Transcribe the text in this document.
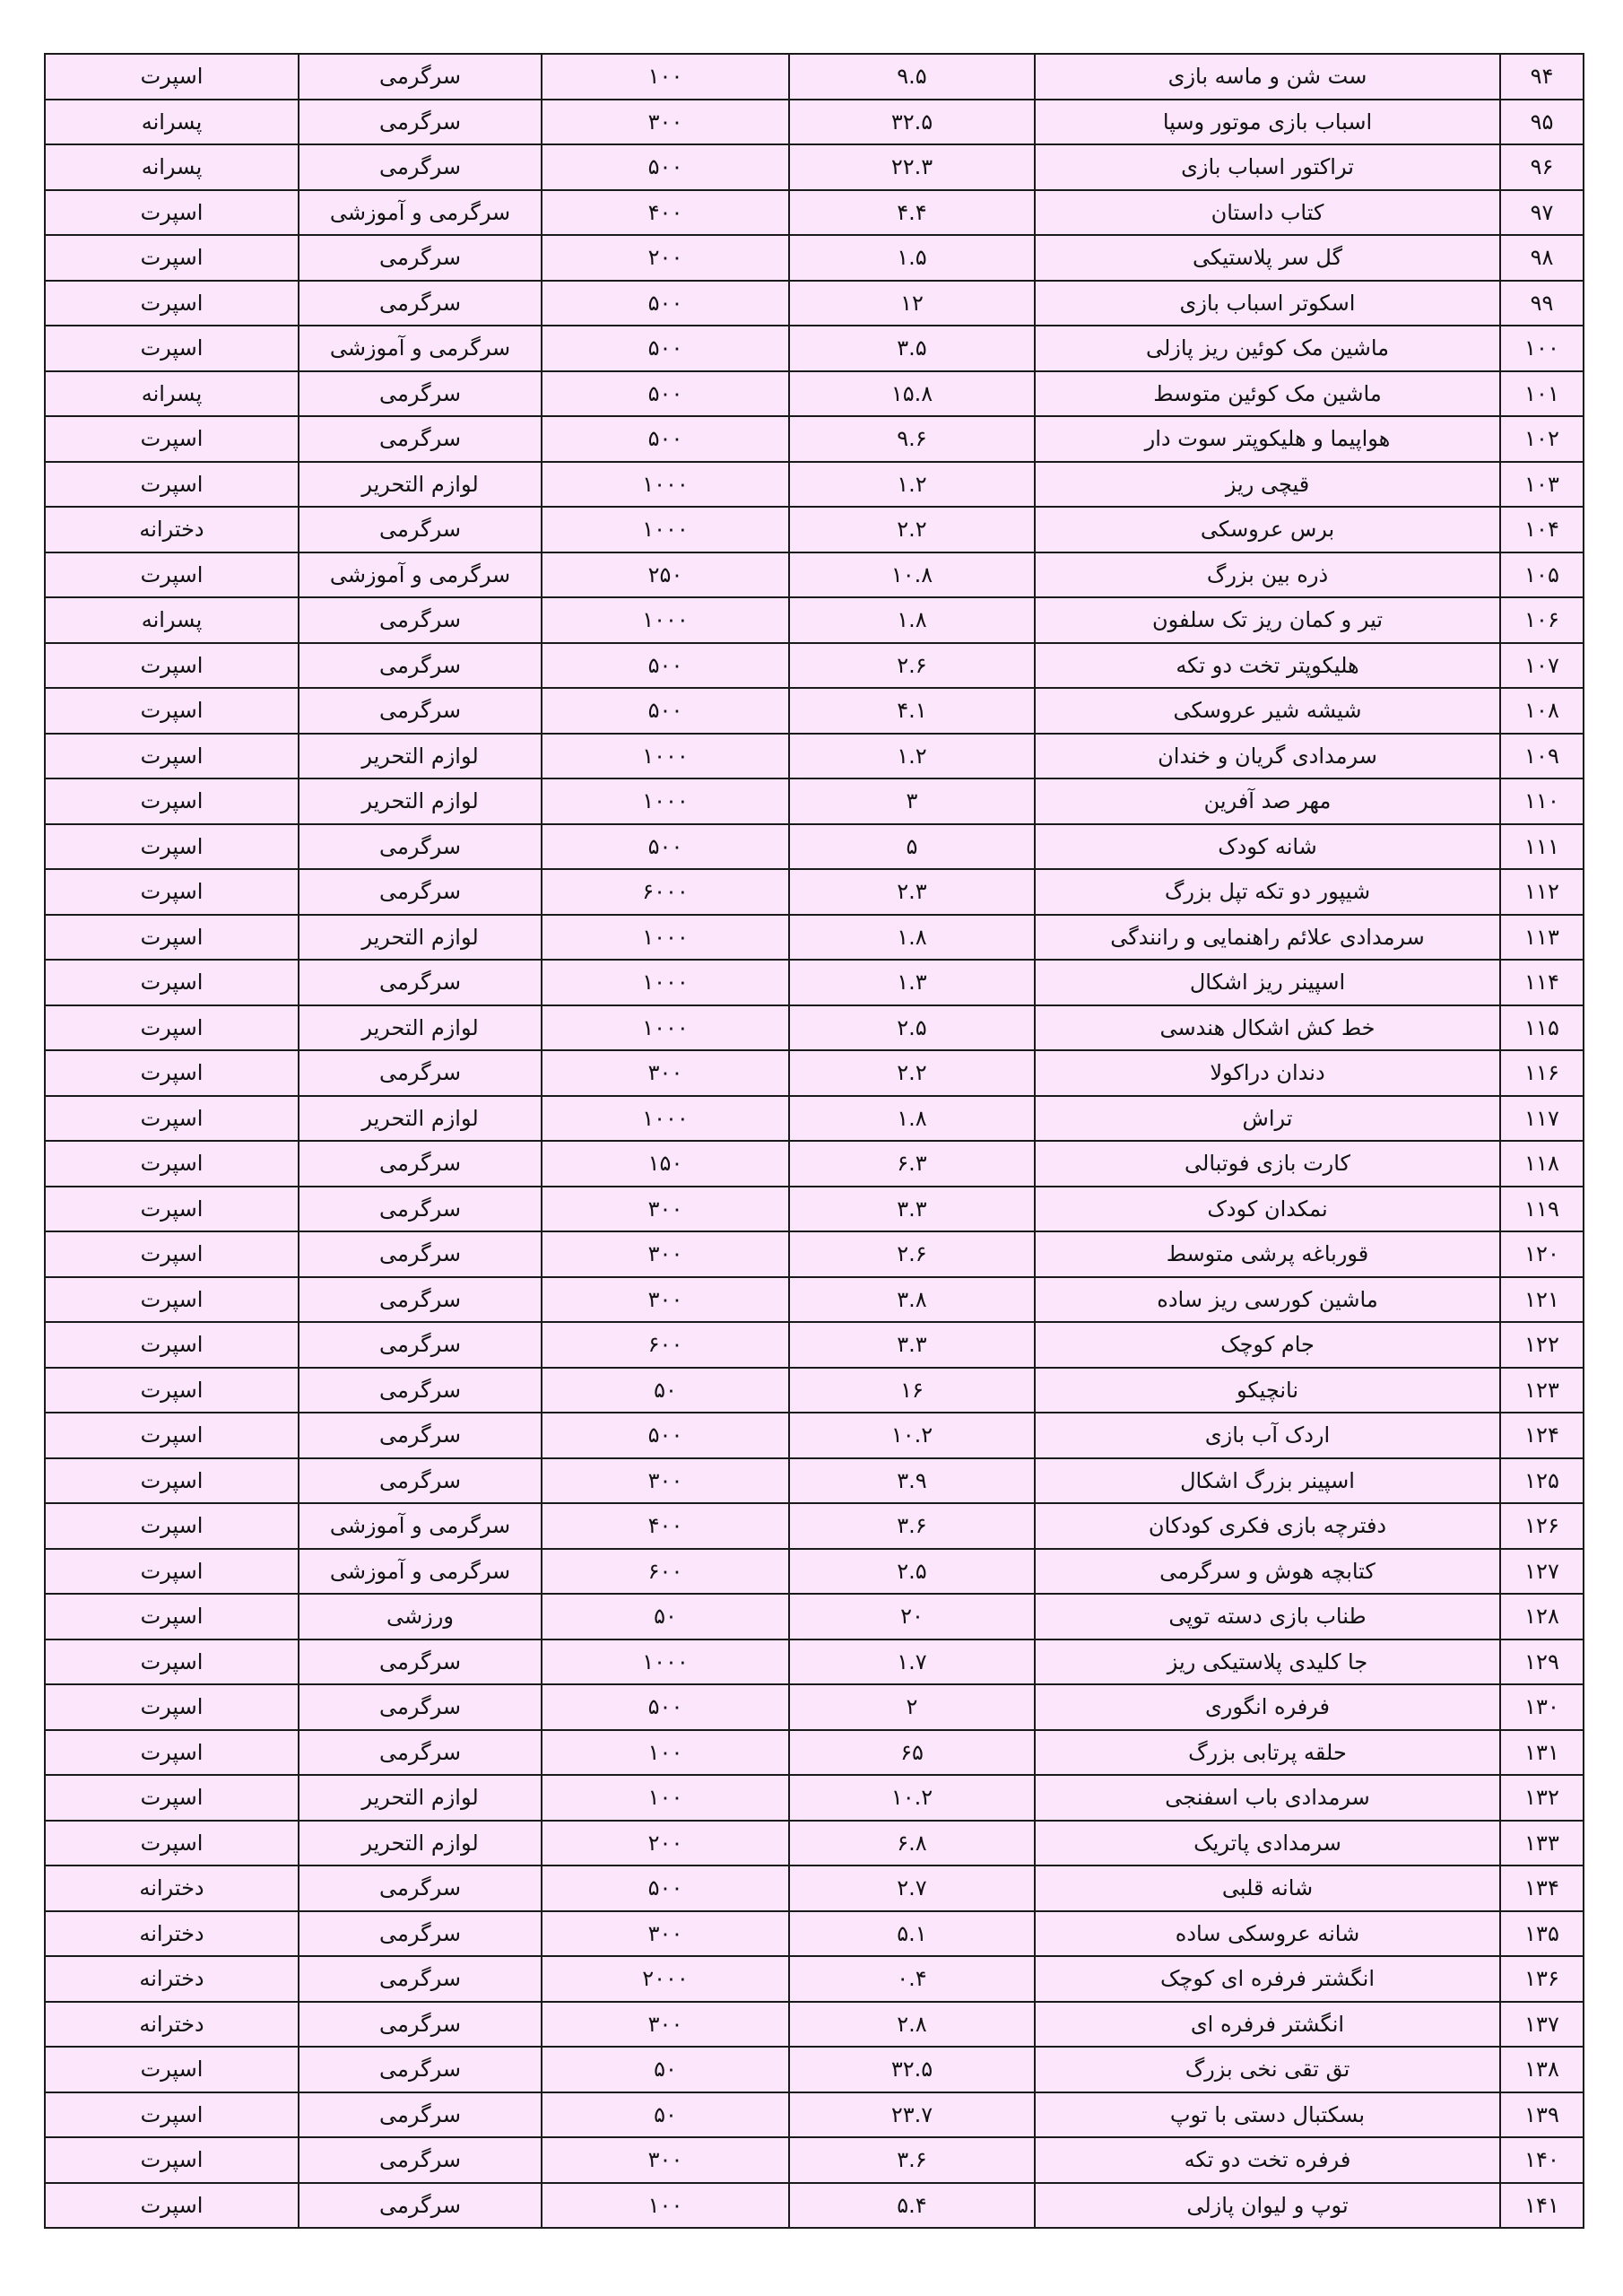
۹۴	ست شن و ماسه بازی	۹.۵	۱۰۰	سرگرمی	اسپرت
۹۵	اسباب بازی موتور وسپا	۳۲.۵	۳۰۰	سرگرمی	پسرانه
۹۶	تراکتور اسباب بازی	۲۲.۳	۵۰۰	سرگرمی	پسرانه
۹۷	کتاب داستان	۴.۴	۴۰۰	سرگرمی و آموزشی	اسپرت
۹۸	گل سر پلاستیکی	۱.۵	۲۰۰	سرگرمی	اسپرت
۹۹	اسکوتر اسباب بازی	۱۲	۵۰۰	سرگرمی	اسپرت
۱۰۰	ماشین مک کوئین ریز پازلی	۳.۵	۵۰۰	سرگرمی و آموزشی	اسپرت
۱۰۱	ماشین مک کوئین متوسط	۱۵.۸	۵۰۰	سرگرمی	پسرانه
۱۰۲	هواپیما و هلیکوپتر سوت دار	۹.۶	۵۰۰	سرگرمی	اسپرت
۱۰۳	قیچی ریز	۱.۲	۱۰۰۰	لوازم التحریر	اسپرت
۱۰۴	برس عروسکی	۲.۲	۱۰۰۰	سرگرمی	دخترانه
۱۰۵	ذره بین بزرگ	۱۰.۸	۲۵۰	سرگرمی و آموزشی	اسپرت
۱۰۶	تیر و کمان ریز تک سلفون	۱.۸	۱۰۰۰	سرگرمی	پسرانه
۱۰۷	هلیکوپتر تخت دو تکه	۲.۶	۵۰۰	سرگرمی	اسپرت
۱۰۸	شیشه شیر عروسکی	۴.۱	۵۰۰	سرگرمی	اسپرت
۱۰۹	سرمدادی گریان و خندان	۱.۲	۱۰۰۰	لوازم التحریر	اسپرت
۱۱۰	مهر صد آفرین	۳	۱۰۰۰	لوازم التحریر	اسپرت
۱۱۱	شانه کودک	۵	۵۰۰	سرگرمی	اسپرت
۱۱۲	شیپور دو تکه تپل بزرگ	۲.۳	۶۰۰۰	سرگرمی	اسپرت
۱۱۳	سرمدادی علائم راهنمایی و رانندگی	۱.۸	۱۰۰۰	لوازم التحریر	اسپرت
۱۱۴	اسپینر ریز اشکال	۱.۳	۱۰۰۰	سرگرمی	اسپرت
۱۱۵	خط کش اشکال هندسی	۲.۵	۱۰۰۰	لوازم التحریر	اسپرت
۱۱۶	دندان دراکولا	۲.۲	۳۰۰	سرگرمی	اسپرت
۱۱۷	تراش	۱.۸	۱۰۰۰	لوازم التحریر	اسپرت
۱۱۸	کارت بازی فوتبالی	۶.۳	۱۵۰	سرگرمی	اسپرت
۱۱۹	نمکدان کودک	۳.۳	۳۰۰	سرگرمی	اسپرت
۱۲۰	قورباغه پرشی متوسط	۲.۶	۳۰۰	سرگرمی	اسپرت
۱۲۱	ماشین کورسی ریز ساده	۳.۸	۳۰۰	سرگرمی	اسپرت
۱۲۲	جام کوچک	۳.۳	۶۰۰	سرگرمی	اسپرت
۱۲۳	نانچیکو	۱۶	۵۰	سرگرمی	اسپرت
۱۲۴	اردک آب بازی	۱۰.۲	۵۰۰	سرگرمی	اسپرت
۱۲۵	اسپینر بزرگ اشکال	۳.۹	۳۰۰	سرگرمی	اسپرت
۱۲۶	دفترچه بازی فکری کودکان	۳.۶	۴۰۰	سرگرمی و آموزشی	اسپرت
۱۲۷	کتابچه هوش و سرگرمی	۲.۵	۶۰۰	سرگرمی و آموزشی	اسپرت
۱۲۸	طناب بازی دسته توپی	۲۰	۵۰	ورزشی	اسپرت
۱۲۹	جا کلیدی پلاستیکی ریز	۱.۷	۱۰۰۰	سرگرمی	اسپرت
۱۳۰	فرفره انگوری	۲	۵۰۰	سرگرمی	اسپرت
۱۳۱	حلقه پرتابی بزرگ	۶۵	۱۰۰	سرگرمی	اسپرت
۱۳۲	سرمدادی باب اسفنجی	۱۰.۲	۱۰۰	لوازم التحریر	اسپرت
۱۳۳	سرمدادی پاتریک	۶.۸	۲۰۰	لوازم التحریر	اسپرت
۱۳۴	شانه قلبی	۲.۷	۵۰۰	سرگرمی	دخترانه
۱۳۵	شانه عروسکی ساده	۵.۱	۳۰۰	سرگرمی	دخترانه
۱۳۶	انگشتر فرفره ای کوچک	۰.۴	۲۰۰۰	سرگرمی	دخترانه
۱۳۷	انگشتر فرفره ای	۲.۸	۳۰۰	سرگرمی	دخترانه
۱۳۸	تق تقی نخی بزرگ	۳۲.۵	۵۰	سرگرمی	اسپرت
۱۳۹	بسکتبال دستی با توپ	۲۳.۷	۵۰	سرگرمی	اسپرت
۱۴۰	فرفره تخت دو تکه	۳.۶	۳۰۰	سرگرمی	اسپرت
۱۴۱	توپ و لیوان پازلی	۵.۴	۱۰۰	سرگرمی	اسپرت
